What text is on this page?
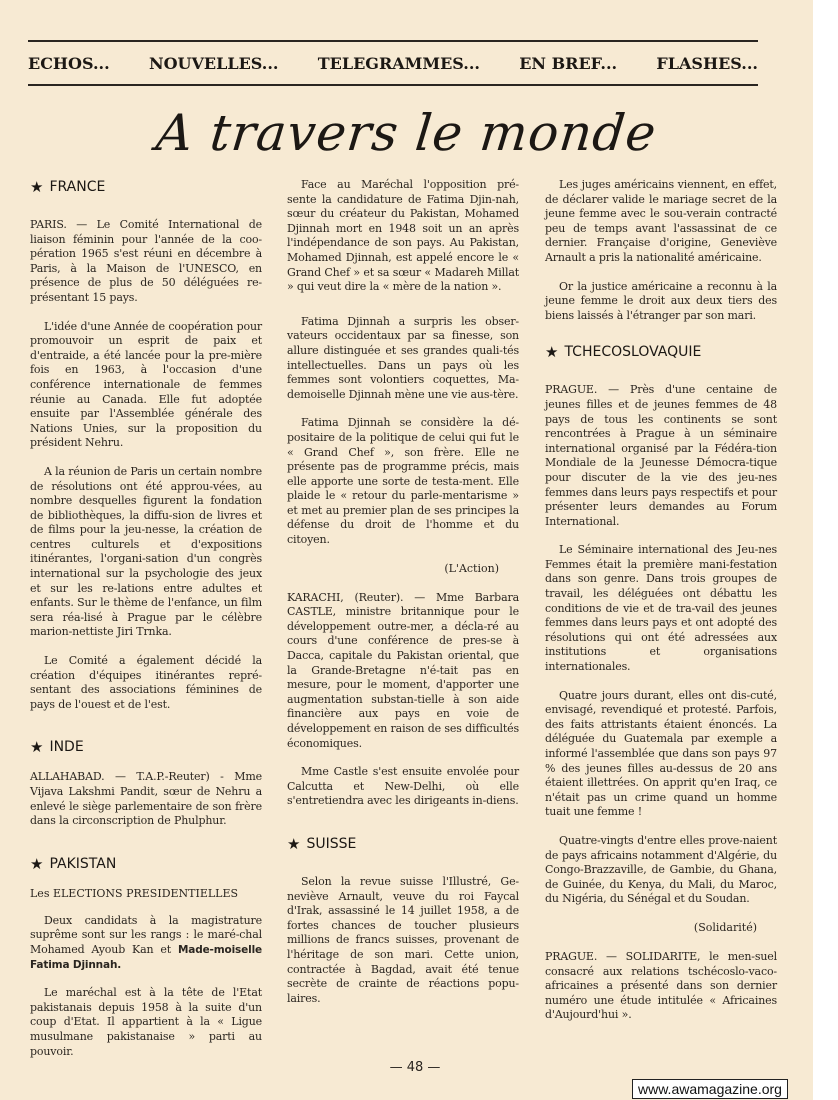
ECHOS... NOUVELLES... TELEGRAMMES... EN BREF... FLASHES...
A travers le monde
★ FRANCE

PARIS. — Le Comité International de liaison féminin pour l'année de la coo-pération 1965 s'est réuni en décembre à Paris, à la Maison de l'UNESCO, en présence de plus de 50 déléguées re-présentant 15 pays.

L'idée d'une Année de coopération pour promouvoir un esprit de paix et d'entraide, a été lancée pour la pre-mière fois en 1963, à l'occasion d'une conférence internationale de femmes réunie au Canada. Elle fut adoptée ensuite par l'Assemblée générale des Nations Unies, sur la proposition du président Nehru.

A la réunion de Paris un certain nombre de résolutions ont été approu-vées, au nombre desquelles figurent la fondation de bibliothèques, la diffu-sion de livres et de films pour la jeu-nesse, la création de centres culturels et d'expositions itinérantes, l'organi-sation d'un congrès international sur la psychologie des jeux et sur les re-lations entre adultes et enfants. Sur le thème de l'enfance, un film sera réa-lisé à Prague par le célèbre marion-nettiste Jiri Trnka.

Le Comité a également décidé la création d'équipes itinérantes repré-sentant des associations féminines de pays de l'ouest et de l'est.

★ INDE

ALLAHABAD. — T.A.P.-Reuter) - Mme Vijava Lakshmi Pandit, sœur de Nehru a enlevé le siège parlementaire de son frère dans la circonscription de Phulphur.

★ PAKISTAN
Les ELECTIONS PRESIDENTIELLES

Deux candidats à la magistrature suprême sont sur les rangs : le maré-chal Mohamed Ayoub Kan et Made-moiselle Fatima Djinnah.

Le maréchal est à la tête de l'Etat pakistanais depuis 1958 à la suite d'un coup d'Etat. Il appartient à la « Ligue musulmane pakistanaise » parti au pouvoir.

Face au Maréchal l'opposition pré-sente la candidature de Fatima Djin-nah, sœur du créateur du Pakistan, Mohamed Djinnah mort en 1948 soit un an après l'indépendance de son pays. Au Pakistan, Mohamed Djinnah, est appelé encore le « Grand Chef » et sa sœur « Madareh Millat » qui veut dire la « mère de la nation ».

Fatima Djinnah a surpris les obser-vateurs occidentaux par sa finesse, son allure distinguée et ses grandes quali-tés intellectuelles. Dans un pays où les femmes sont volontiers coquettes, Ma-demoiselle Djinnah mène une vie aus-tère.

Fatima Djinnah se considère la dé-positaire de la politique de celui qui fut le « Grand Chef », son frère. Elle ne présente pas de programme précis, mais elle apporte une sorte de testa-ment. Elle plaide le « retour du parle-mentarisme » et met au premier plan de ses principes la défense du droit de l'homme et du citoyen.

(L'Action)

KARACHI, (Reuter). — Mme Barbara CASTLE, ministre britannique pour le développement outre-mer, a décla-ré au cours d'une conférence de pres-se à Dacca, capitale du Pakistan oriental, que la Grande-Bretagne n'é-tait pas en mesure, pour le moment, d'apporter une augmentation substan-tielle à son aide financière aux pays en voie de développement en raison de ses difficultés économiques.

Mme Castle s'est ensuite envolée pour Calcutta et New-Delhi, où elle s'entretiendra avec les dirigeants in-diens.

★ SUISSE

Selon la revue suisse l'Illustré, Ge-neviève Arnault, veuve du roi Faycal d'Irak, assassiné le 14 juillet 1958, a de fortes chances de toucher plusieurs millions de francs suisses, provenant de l'héritage de son mari. Cette union, contractée à Bagdad, avait été tenue secrète de crainte de réactions popu-laires.

Les juges américains viennent, en effet, de déclarer valide le mariage secret de la jeune femme avec le sou-verain contracté peu de temps avant l'assassinat de ce dernier. Française d'origine, Geneviève Arnault a pris la nationalité américaine.

Or la justice américaine a reconnu à la jeune femme le droit aux deux tiers des biens laissés à l'étranger par son mari.

★ TCHECOSLOVAQUIE

PRAGUE. — Près d'une centaine de jeunes filles et de jeunes femmes de 48 pays de tous les continents se sont rencontrées à Prague à un séminaire international organisé par la Fédéra-tion Mondiale de la Jeunesse Démocra-tique pour discuter de la vie des jeu-nes femmes dans leurs pays respectifs et pour présenter leurs demandes au Forum International.

Le Séminaire international des Jeu-nes Femmes était la première mani-festation dans son genre. Dans trois groupes de travail, les déléguées ont débattu les conditions de vie et de tra-vail des jeunes femmes dans leurs pays et ont adopté des résolutions qui ont été adressées aux institutions et organisations internationales.

Quatre jours durant, elles ont dis-cuté, envisagé, revendiqué et protesté. Parfois, des faits attristants étaient énoncés. La déléguée du Guatemala par exemple a informé l'assemblée que dans son pays 97 % des jeunes filles au-dessus de 20 ans étaient illettrées. On apprit qu'en Iraq, ce n'était pas un crime quand un homme tuait une femme !

Quatre-vingts d'entre elles prove-naient de pays africains notamment d'Algérie, du Congo-Brazzaville, de Gambie, du Ghana, de Guinée, du Kenya, du Mali, du Maroc, du Nigéria, du Sénégal et du Soudan.

(Solidarité)

PRAGUE. — SOLIDARITE, le men-suel consacré aux relations tschécoslo-vaco-africaines a présenté dans son dernier numéro une étude intitulée « Africaines d'Aujourd'hui ».

— 48 —
www.awamagazine.org
